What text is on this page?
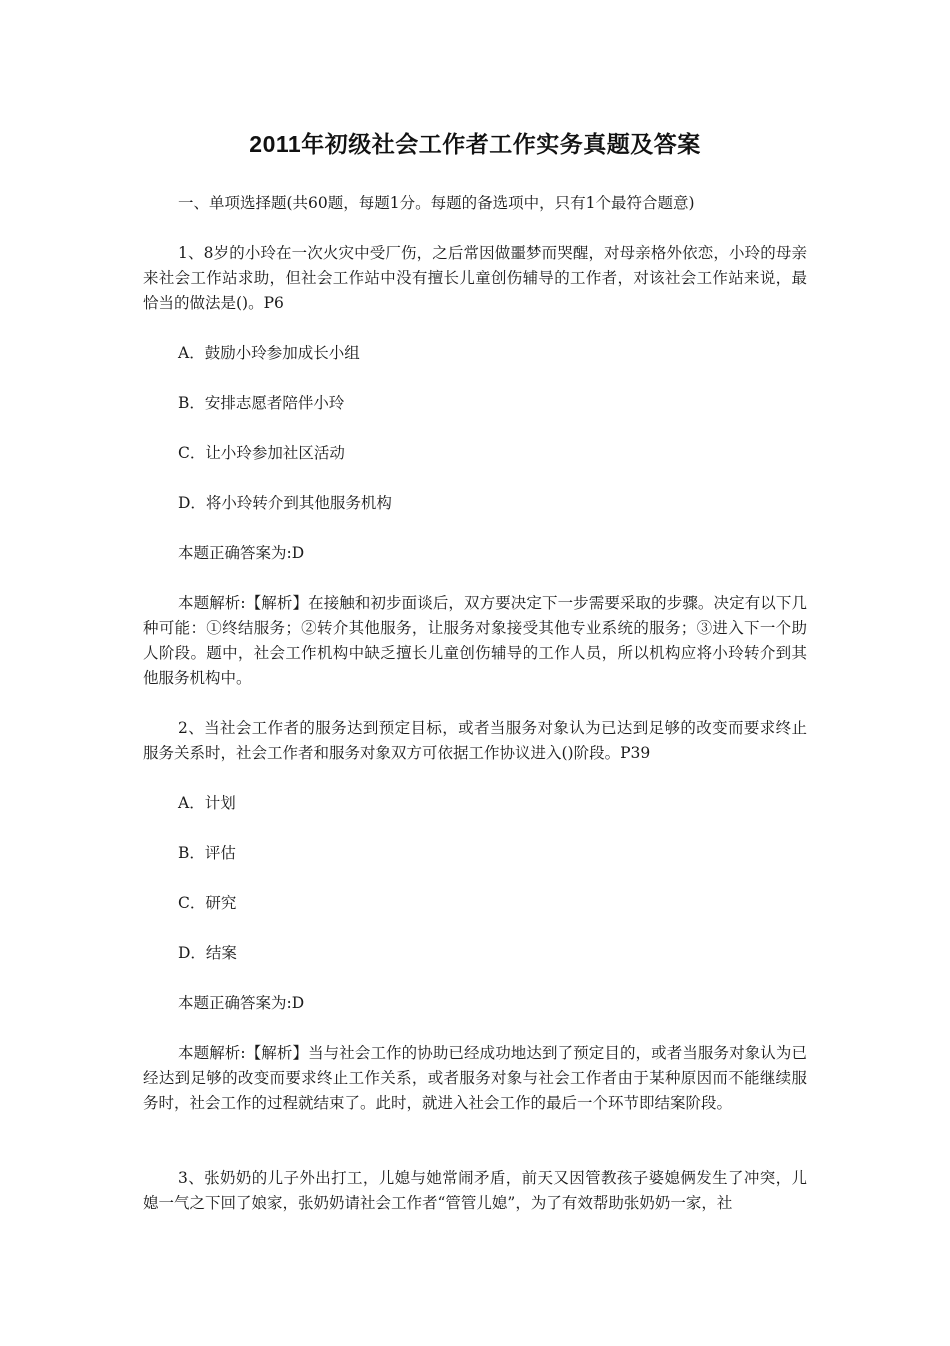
2011年初级社会工作者工作实务真题及答案
一、单项选择题(共60题，每题1分。每题的备选项中，只有1个最符合题意)
1、8岁的小玲在一次火灾中受厂伤，之后常因做噩梦而哭醒，对母亲格外依恋，小玲的母亲来社会工作站求助，但社会工作站中没有擅长儿童创伤辅导的工作者，对该社会工作站来说，最恰当的做法是()。P6
A．鼓励小玲参加成长小组
B．安排志愿者陪伴小玲
C．让小玲参加社区活动
D．将小玲转介到其他服务机构
本题正确答案为:D
本题解析:【解析】在接触和初步面谈后，双方要决定下一步需要采取的步骤。决定有以下几种可能：①终结服务；②转介其他服务，让服务对象接受其他专业系统的服务；③进入下一个助人阶段。题中，社会工作机构中缺乏擅长儿童创伤辅导的工作人员，所以机构应将小玲转介到其他服务机构中。
2、当社会工作者的服务达到预定目标，或者当服务对象认为已达到足够的改变而要求终止服务关系时，社会工作者和服务对象双方可依据工作协议进入()阶段。P39
A．计划
B．评估
C．研究
D．结案
本题正确答案为:D
本题解析:【解析】当与社会工作的协助已经成功地达到了预定目的，或者当服务对象认为已经达到足够的改变而要求终止工作关系，或者服务对象与社会工作者由于某种原因而不能继续服务时，社会工作的过程就结束了。此时，就进入社会工作的最后一个环节即结案阶段。
3、张奶奶的儿子外出打工，儿媳与她常闹矛盾，前天又因管教孩子婆媳俩发生了冲突，儿媳一气之下回了娘家，张奶奶请社会工作者“管管儿媳”，为了有效帮助张奶奶一家，社
